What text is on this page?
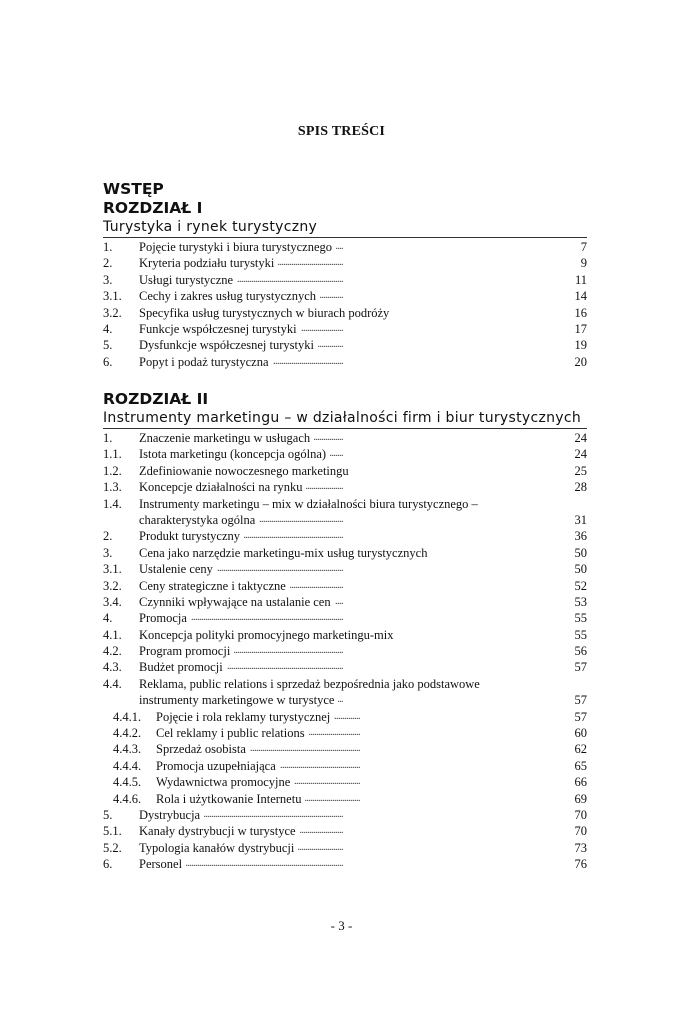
SPIS TREŚCI
WSTĘP
ROZDZIAŁ I
Turystyka i rynek turystyczny
1. Pojęcie turystyki i biura turystycznego . . .	7
2. Kryteria podziału turystyki . . .	9
3. Usługi turystyczne . . .	11
3.1. Cechy i zakres usług turystycznych . . .	14
3.2. Specyfika usług turystycznych w biurach podróży . . .	16
4. Funkcje współczesnej turystyki . . .	17
5. Dysfunkcje współczesnej turystyki . . .	19
6. Popyt i podaż turystyczna . . .	20
ROZDZIAŁ II
Instrumenty marketingu – w działalności firm i biur turystycznych
1. Znaczenie marketingu w usługach . . .	24
1.1. Istota marketingu (koncepcja ogólna) . . .	24
1.2. Zdefiniowanie nowoczesnego marketingu . . .	25
1.3. Koncepcje działalności na rynku . . .	28
1.4. Instrumenty marketingu – mix w działalności biura turystycznego –
charakterystyka ogólna . . .	31
2. Produkt turystyczny . . .	36
3. Cena jako narzędzie marketingu-mix usług turystycznych . . .	50
3.1. Ustalenie ceny . . .	50
3.2. Ceny strategiczne i taktyczne . . .	52
3.4. Czynniki wpływające na ustalanie cen . . .	53
4. Promocja . . .	55
4.1. Koncepcja polityki promocyjnego marketingu-mix . . .	55
4.2. Program promocji . . .	56
4.3. Budżet promocji . . .	57
4.4. Reklama, public relations i sprzedaż bezpośrednia jako podstawowe
instrumenty marketingowe w turystyce . . .	57
4.4.1. Pojęcie i rola reklamy turystycznej . . .	57
4.4.2. Cel reklamy i public relations . . .	60
4.4.3. Sprzedaż osobista . . .	62
4.4.4. Promocja uzupełniająca . . .	65
4.4.5. Wydawnictwa promocyjne . . .	66
4.4.6. Rola i użytkowanie Internetu . . .	69
5. Dystrybucja . . .	70
5.1. Kanały dystrybucji w turystyce . . .	70
5.2. Typologia kanałów dystrybucji . . .	73
6. Personel . . .	76
- 3 -
